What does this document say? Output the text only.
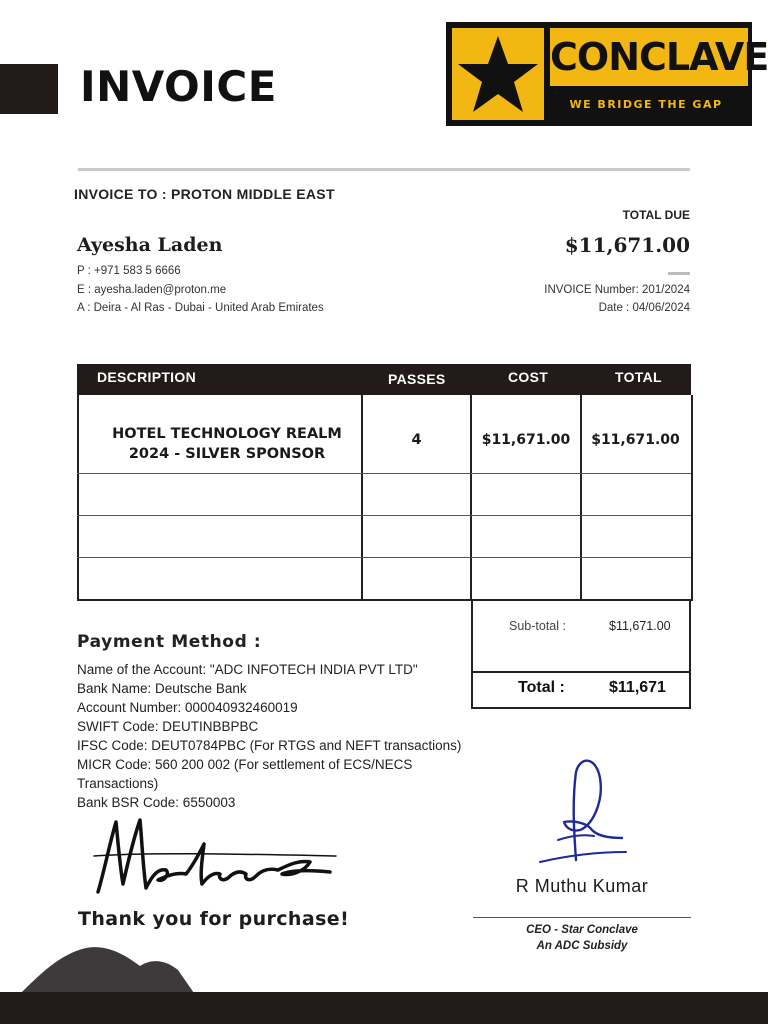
INVOICE
CONCLAVE
WE BRIDGE THE GAP
INVOICE TO : PROTON MIDDLE EAST
TOTAL DUE
Ayesha Laden	$11,671.00
P : +971 583 5 6666
E : ayesha.laden@proton.me
A : Deira - Al Ras - Dubai - United Arab Emirates
INVOICE Number: 201/2024
Date : 04/06/2024
DESCRIPTION	PASSES	COST	TOTAL
HOTEL TECHNOLOGY REALM
2024 - SILVER SPONSOR
4	$11,671.00	$11,671.00
Sub-total :	$11,671.00
Total :	$11,671
Payment Method :
Name of the Account: "ADC INFOTECH INDIA PVT LTD"
Bank Name: Deutsche Bank
Account Number: 000040932460019
SWIFT Code: DEUTINBBPBC
IFSC Code: DEUT0784PBC (For RTGS and NEFT transactions)
MICR Code: 560 200 002 (For settlement of ECS/NECS Transactions)
Bank BSR Code: 6550003
Thank you for purchase!
R Muthu Kumar
CEO - Star Conclave
An ADC Subsidy
